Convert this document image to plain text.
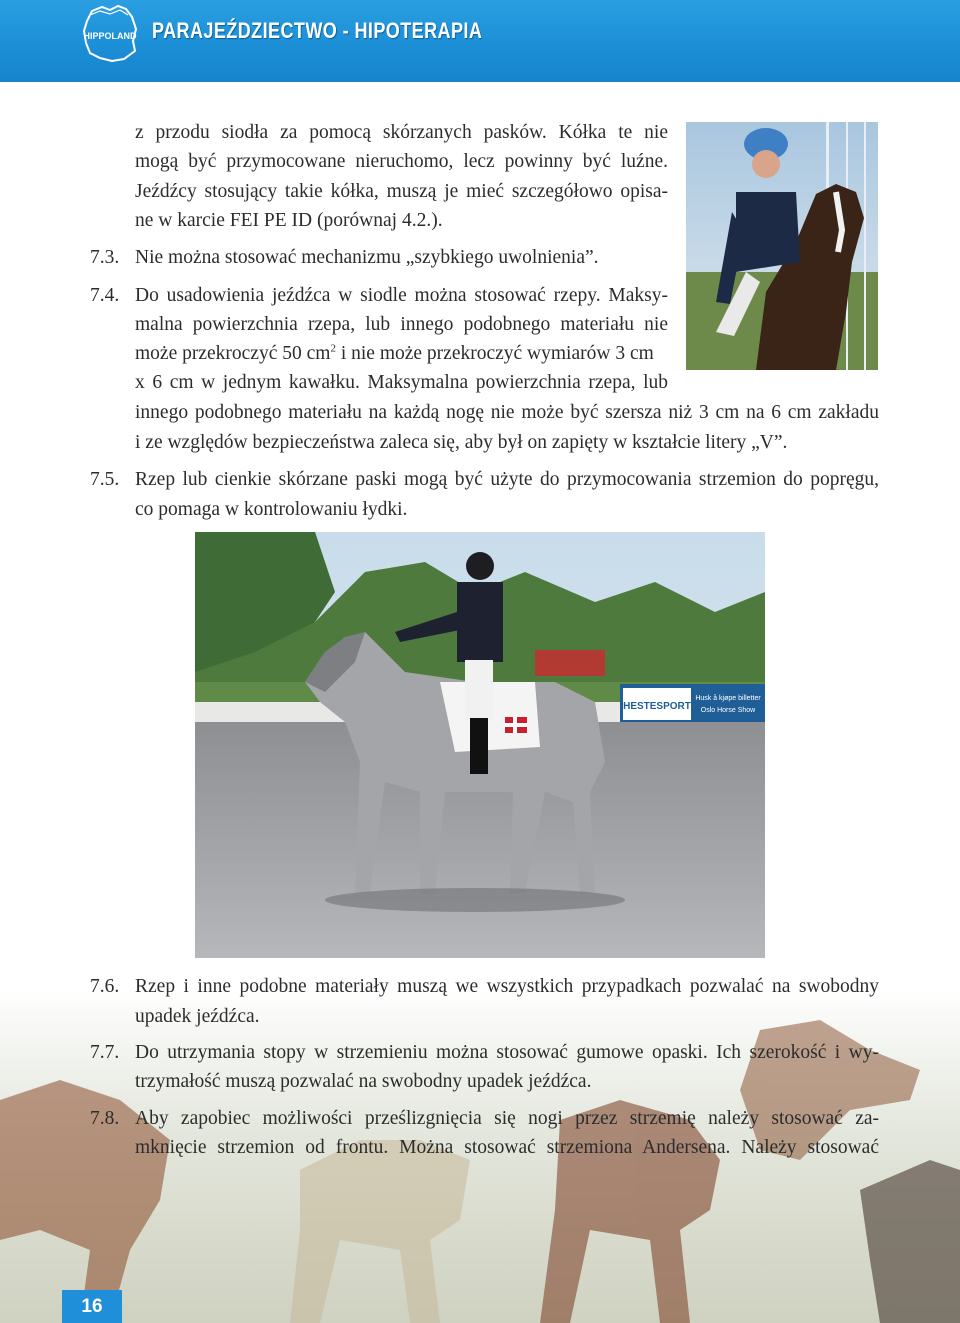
HIPPOLAND PARAJEŹDZIECTWO - HIPOTERAPIA
z przodu siodła za pomocą skórzanych pasków. Kółka te nie
mogą być przymocowane nieruchomo, lecz powinny być luźne.
Jeźdźcy stosujący takie kółka, muszą je mieć szczegółowo opisa-
ne w karcie FEI PE ID (porównaj 4.2.).
7.3. Nie można stosować mechanizmu „szybkiego uwolnienia”.
7.4. Do usadowienia jeźdźca w siodle można stosować rzepy. Maksy-
malna powierzchnia rzepa, lub innego podobnego materiału nie
może przekroczyć 50 $cm^2$ i nie może przekroczyć wymiarów 3 cm
x 6 cm w jednym kawałku. Maksymalna powierzchnia rzepa, lub
innego podobnego materiału na każdą nogę nie może być szersza niż 3 cm na 6 cm zakładu
i ze względów bezpieczeństwa zaleca się, aby był on zapięty w kształcie litery „V”.
7.5. Rzep lub cienkie skórzane paski mogą być użyte do przymocowania strzemion do popręgu,
co pomaga w kontrolowaniu łydki.
HESTESPORT
Husk å kjøpe billetter
Oslo Horse Show
7.6. Rzep i inne podobne materiały muszą we wszystkich przypadkach pozwalać na swobodny
upadek jeźdźca.
7.7. Do utrzymania stopy w strzemieniu można stosować gumowe opaski. Ich szerokość i wy-
trzymałość muszą pozwalać na swobodny upadek jeźdźca.
7.8. Aby zapobiec możliwości prześlizgnięcia się nogi przez strzemię należy stosować za-
mknięcie strzemion od frontu. Można stosować strzemiona Andersena. Należy stosować
16
